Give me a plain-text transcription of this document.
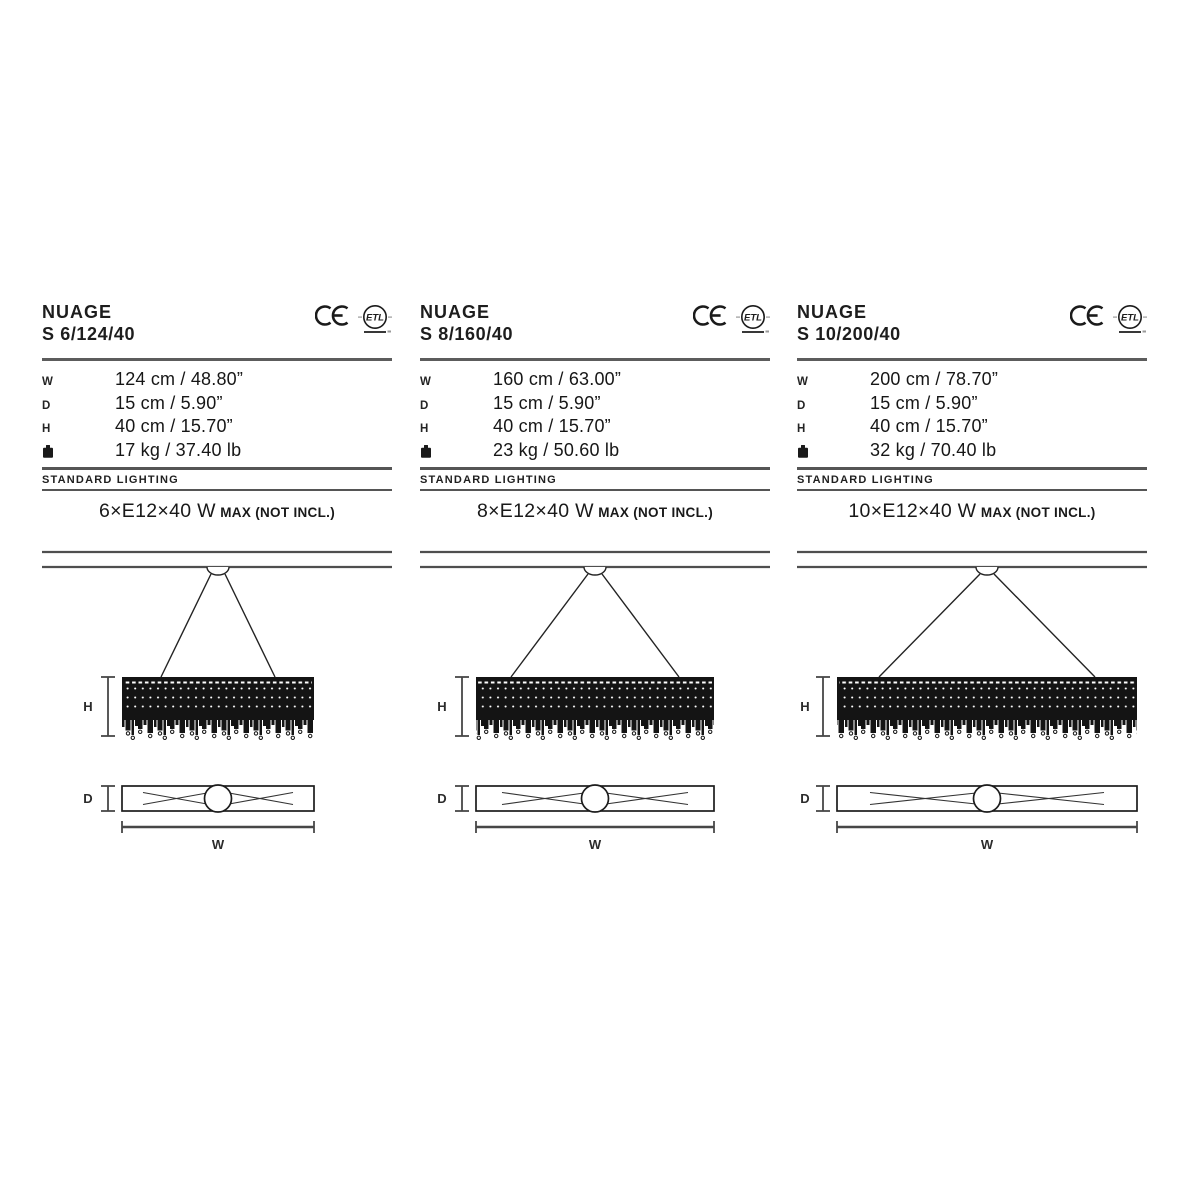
NUAGE
S 6/124/40
ETL
W	124 cm / 48.80”
D	15 cm / 5.90”
H	40 cm / 15.70”
17 kg / 37.40 lb
STANDARD LIGHTING
6×E12×40 W MAX (NOT INCL.)
H
D
W
NUAGE
S 8/160/40
ETL
W	160 cm / 63.00”
D	15 cm / 5.90”
H	40 cm / 15.70”
23 kg / 50.60 lb
STANDARD LIGHTING
8×E12×40 W MAX (NOT INCL.)
H
D
W
NUAGE
S 10/200/40
ETL
W	200 cm / 78.70”
D	15 cm / 5.90”
H	40 cm / 15.70”
32 kg / 70.40 lb
STANDARD LIGHTING
10×E12×40 W MAX (NOT INCL.)
H
D
W
